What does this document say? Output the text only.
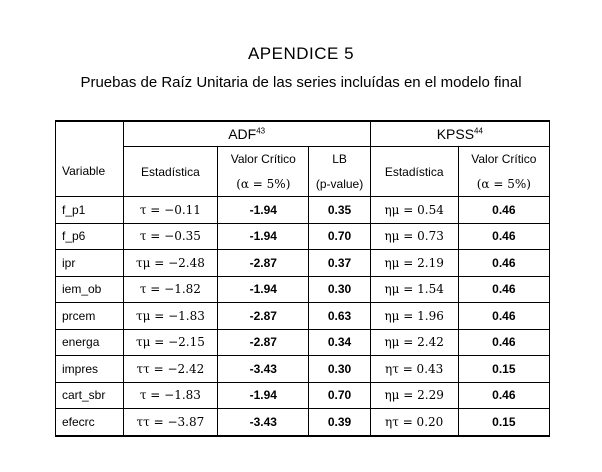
APENDICE 5
Pruebas de Raíz Unitaria de las series incluídas en el modelo final
	ADF$^{43}$			KPSS$^{44}$
Variable	Estadística	Valor Crítico	LB	Estadística	Valor Crítico
		(α = 5%)	(p-value)		(α = 5%)
f_p1	τ = −0.11	-1.94	0.35	ημ = 0.54	0.46
f_p6	τ = −0.35	-1.94	0.70	ημ = 0.73	0.46
ipr	τμ = −2.48	-2.87	0.37	ημ = 2.19	0.46
iem_ob	τ = −1.82	-1.94	0.30	ημ = 1.54	0.46
prcem	τμ = −1.83	-2.87	0.63	ημ = 1.96	0.46
energa	τμ = −2.15	-2.87	0.34	ημ = 2.42	0.46
impres	ττ = −2.42	-3.43	0.30	ητ = 0.43	0.15
cart_sbr	τ = −1.83	-1.94	0.70	ημ = 2.29	0.46
efecrc	ττ = −3.87	-3.43	0.39	ητ = 0.20	0.15
